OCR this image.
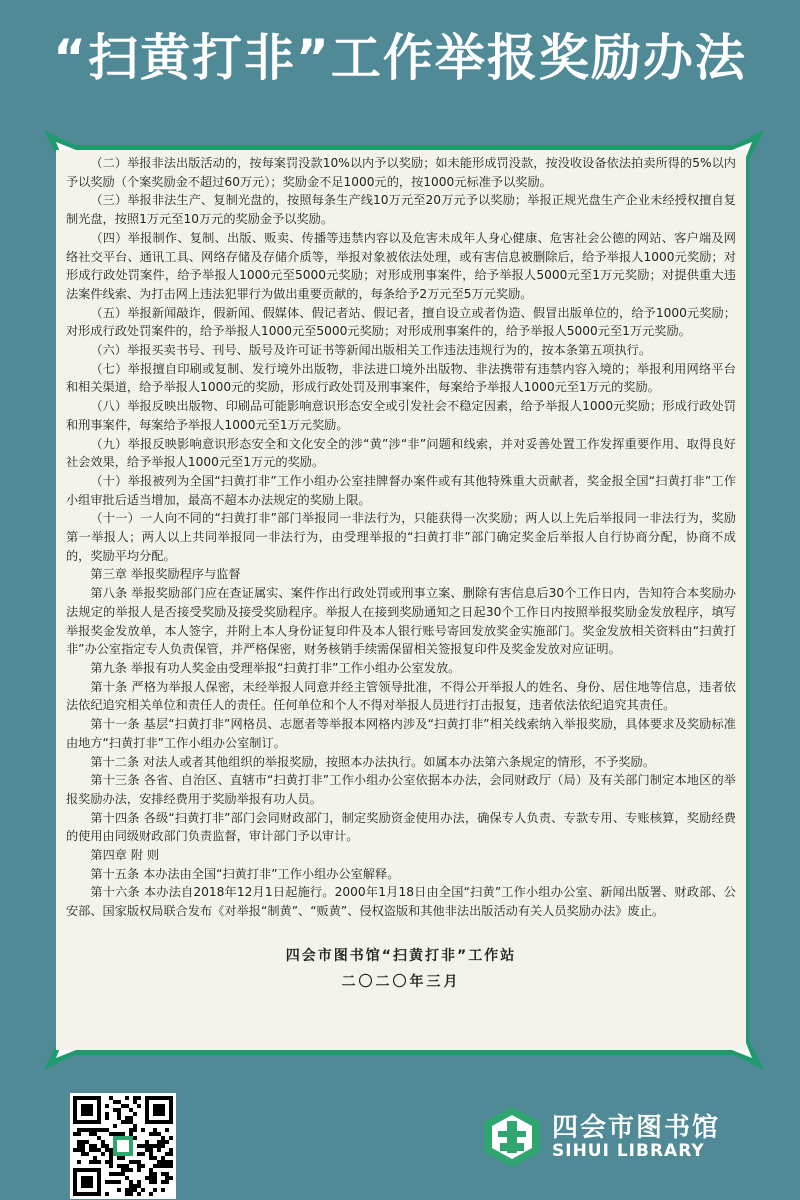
“扫黄打非”工作举报奖励办法

（二）举报非法出版活动的，按每案罚没款10%以内予以奖励；如未能形成罚没款，按没收设备依法拍卖所得的5%以内予以奖励（个案奖励金不超过60万元）；奖励金不足1000元的，按1000元标准予以奖励。

（三）举报非法生产、复制光盘的，按照每条生产线10万元至20万元予以奖励；举报正规光盘生产企业未经授权擅自复制光盘，按照1万元至10万元的奖励金予以奖励。

（四）举报制作、复制、出版、贩卖、传播等违禁内容以及危害未成年人身心健康、危害社会公德的网站、客户端及网络社交平台、通讯工具、网络存储及存储介质等，举报对象被依法处理，或有害信息被删除后，给予举报人1000元奖励；对形成行政处罚案件，给予举报人1000元至5000元奖励；对形成刑事案件，给予举报人5000元至1万元奖励；对提供重大违法案件线索、为打击网上违法犯罪行为做出重要贡献的，每条给予2万元至5万元奖励。

（五）举报新闻敲诈，假新闻、假媒体、假记者站、假记者，擅自设立或者伪造、假冒出版单位的，给予1000元奖励；对形成行政处罚案件的，给予举报人1000元至5000元奖励；对形成刑事案件的，给予举报人5000元至1万元奖励。

（六）举报买卖书号、刊号、版号及许可证书等新闻出版相关工作违法违规行为的，按本条第五项执行。

（七）举报擅自印刷或复制、发行境外出版物，非法进口境外出版物、非法携带有违禁内容入境的；举报利用网络平台和相关渠道，给予举报人1000元的奖励，形成行政处罚及刑事案件，每案给予举报人1000元至1万元的奖励。

（八）举报反映出版物、印刷品可能影响意识形态安全或引发社会不稳定因素，给予举报人1000元奖励；形成行政处罚和刑事案件，每案给予举报人1000元至1万元奖励。

（九）举报反映影响意识形态安全和文化安全的涉“黄”涉“非”问题和线索，并对妥善处置工作发挥重要作用、取得良好社会效果，给予举报人1000元至1万元的奖励。

（十）举报被列为全国“扫黄打非”工作小组办公室挂牌督办案件或有其他特殊重大贡献者，奖金报全国“扫黄打非”工作小组审批后适当增加，最高不超本办法规定的奖励上限。

（十一）一人向不同的“扫黄打非”部门举报同一非法行为，只能获得一次奖励；两人以上先后举报同一非法行为，奖励第一举报人；两人以上共同举报同一非法行为，由受理举报的“扫黄打非”部门确定奖金后举报人自行协商分配，协商不成的，奖励平均分配。

第三章 举报奖励程序与监督

第八条 举报奖励部门应在查证属实、案件作出行政处罚或刑事立案、删除有害信息后30个工作日内，告知符合本奖励办法规定的举报人是否接受奖励及接受奖励程序。举报人在接到奖励通知之日起30个工作日内按照举报奖励金发放程序，填写举报奖金发放单，本人签字，并附上本人身份证复印件及本人银行账号寄回发放奖金实施部门。奖金发放相关资料由“扫黄打非”办公室指定专人负责保管，并严格保密，财务核销手续需保留相关签报复印件及奖金发放对应证明。

第九条 举报有功人奖金由受理举报“扫黄打非”工作小组办公室发放。

第十条 严格为举报人保密，未经举报人同意并经主管领导批准，不得公开举报人的姓名、身份、居住地等信息，违者依法依纪追究相关单位和责任人的责任。任何单位和个人不得对举报人员进行打击报复，违者依法依纪追究其责任。

第十一条 基层“扫黄打非”网格员、志愿者等举报本网格内涉及“扫黄打非”相关线索纳入举报奖励，具体要求及奖励标准由地方“扫黄打非”工作小组办公室制订。

第十二条 对法人或者其他组织的举报奖励，按照本办法执行。如属本办法第六条规定的情形，不予奖励。

第十三条 各省、自治区、直辖市“扫黄打非”工作小组办公室依据本办法，会同财政厅（局）及有关部门制定本地区的举报奖励办法，安排经费用于奖励举报有功人员。

第十四条 各级“扫黄打非”部门会同财政部门，制定奖励资金使用办法，确保专人负责、专款专用、专账核算，奖励经费的使用由同级财政部门负责监督，审计部门予以审计。

第四章 附 则

第十五条 本办法由全国“扫黄打非”工作小组办公室解释。

第十六条 本办法自2018年12月1日起施行。2000年1月18日由全国“扫黄”工作小组办公室、新闻出版署、财政部、公安部、国家版权局联合发布《对举报“制黄”、“贩黄”、侵权盗版和其他非法出版活动有关人员奖励办法》废止。

四会市图书馆“扫黄打非”工作站
二〇二〇年三月
四会市图书馆
SIHUI LIBRARY
